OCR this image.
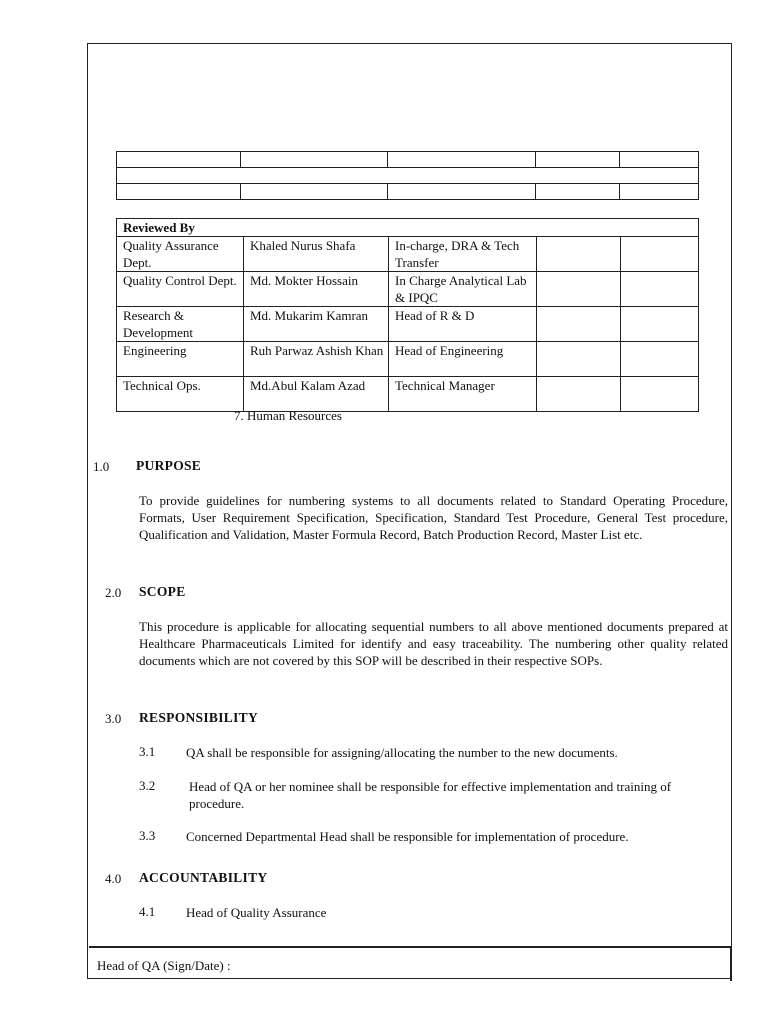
Reviewed By				
Quality Assurance Dept.	Khaled Nurus Shafa	In-charge, DRA & Tech Transfer		
Quality Control Dept.	Md. Mokter Hossain	In Charge Analytical Lab & IPQC		
Research & Development	Md. Mukarim Kamran	Head of R & D		
Engineering	Ruh Parwaz Ashish Khan	Head of Engineering		
Technical Ops.	Md.Abul Kalam Azad	Technical Manager		
7. Human Resources
1.0 PURPOSE
To provide guidelines for numbering systems to all documents related to Standard Operating Procedure, Formats, User Requirement Specification, Specification, Standard Test Procedure, General Test procedure, Qualification and Validation, Master Formula Record, Batch Production Record, Master List etc.
2.0 SCOPE
This procedure is applicable for allocating sequential numbers to all above mentioned documents prepared at Healthcare Pharmaceuticals Limited for identify and easy traceability. The numbering other quality related documents which are not covered by this SOP will be described in their respective SOPs.
3.0 RESPONSIBILITY
3.1 QA shall be responsible for assigning/allocating the number to the new documents.
3.2	Head of QA or her nominee shall be responsible for effective implementation and training of procedure.
3.3 Concerned Departmental Head shall be responsible for implementation of procedure.
4.0 ACCOUNTABILITY
4.1 Head of Quality Assurance
Head of QA (Sign/Date) :
